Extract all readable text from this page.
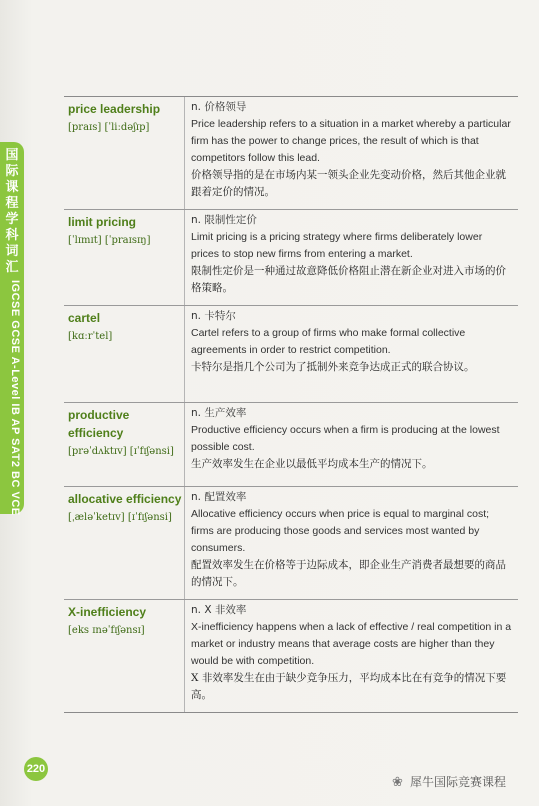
国际课程学科词汇
IGCSE GCSE A-Level IB AP SAT2 BC VCE
price leadership
[praɪs] [ˈliːdəʃɪp]
n. 价格领导
Price leadership refers to a situation in a market whereby a particular firm has the power to change prices, the result of which is that competitors follow this lead.
价格领导指的是在市场内某一领头企业先变动价格，然后其他企业就跟着定价的情况。
limit pricing
[ˈlɪmɪt] [ˈpraɪsɪŋ]
n. 限制性定价
Limit pricing is a pricing strategy where firms deliberately lower prices to stop new firms from entering a market.
限制性定价是一种通过故意降低价格阻止潜在新企业对进入市场的价格策略。
cartel
[kɑːrˈtel]
n. 卡特尔
Cartel refers to a group of firms who make formal collective agreements in order to restrict competition.
卡特尔是指几个公司为了抵制外来竞争达成正式的联合协议。
productive efficiency
[prəˈdʌktɪv] [ɪˈfɪʃənsi]
n. 生产效率
Productive efficiency occurs when a firm is producing at the lowest possible cost.
生产效率发生在企业以最低平均成本生产的情况下。
allocative efficiency
[ˌæləˈketɪv] [ɪˈfɪʃənsi]
n. 配置效率
Allocative efficiency occurs when price is equal to marginal cost; firms are producing those goods and services most wanted by consumers.
配置效率发生在价格等于边际成本，即企业生产消费者最想要的商品的情况下。
X-inefficiency
[eks ɪnəˈfɪʃənsɪ]
n. X 非效率
X-inefficiency happens when a lack of effective / real competition in a market or industry means that average costs are higher than they would be with competition.
X 非效率发生在由于缺少竞争压力，平均成本比在有竞争的情况下要高。
220
❀ 犀牛国际竞赛课程
